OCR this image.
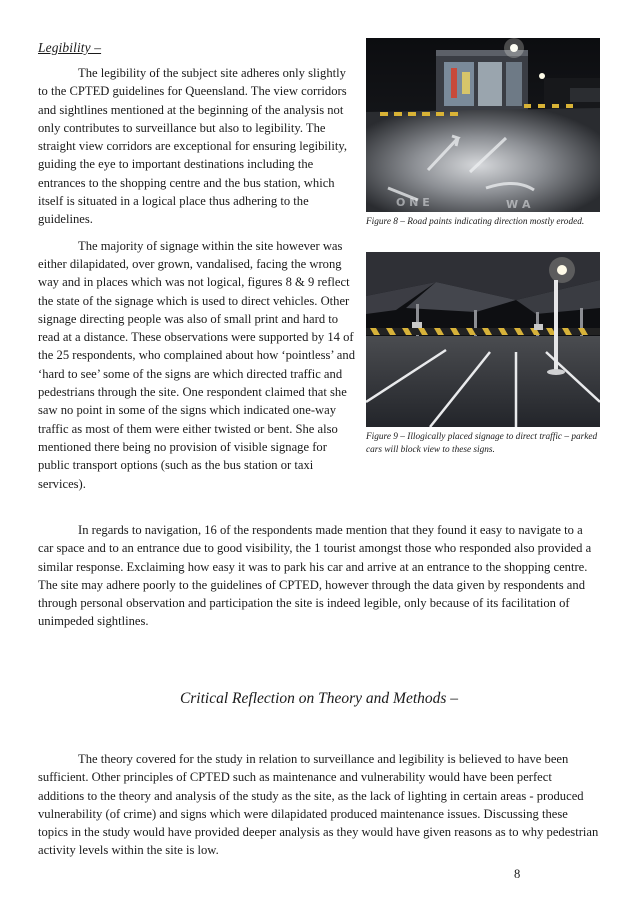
Legibility –

The legibility of the subject site adheres only slightly to the CPTED guidelines for Queensland. The view corridors and sightlines mentioned at the beginning of the analysis not only contributes to surveillance but also to legibility. The straight view corridors are exceptional for ensuring legibility, guiding the eye to important destinations including the entrances to the shopping centre and the bus station, which itself is situated in a logical place thus adhering to the guidelines.

The majority of signage within the site however was either dilapidated, over grown, vandalised, facing the wrong way and in places which was not logical, figures 8 & 9 reflect the state of the signage which is used to direct vehicles. Other signage directing people was also of small print and hard to read at a distance. These observations were supported by 14 of the 25 respondents, who complained about how ‘pointless’ and ‘hard to see’ some of the signs are which directed traffic and pedestrians through the site. One respondent claimed that she saw no point in some of the signs which indicated one-way traffic as most of them were either twisted or bent. She also mentioned there being no provision of visible signage for public transport options (such as the bus station or taxi services).

O N E	W A
Figure 8 – Road paints indicating direction mostly eroded.
Figure 9 – Illogically placed signage to direct traffic – parked cars will block view to these signs.

In regards to navigation, 16 of the respondents made mention that they found it easy to navigate to a car space and to an entrance due to good visibility, the 1 tourist amongst those who responded also provided a similar response. Exclaiming how easy it was to park his car and arrive at an entrance to the shopping centre. The site may adhere poorly to the guidelines of CPTED, however through the data given by respondents and through personal observation and participation the site is indeed legible, only because of its facilitation of unimpeded sightlines.

Critical Reflection on Theory and Methods –

The theory covered for the study in relation to surveillance and legibility is believed to have been sufficient. Other principles of CPTED such as maintenance and vulnerability would have been perfect additions to the theory and analysis of the study as the site, as the lack of lighting in certain areas - produced vulnerability (of crime) and signs which were dilapidated produced maintenance issues. Discussing these topics in the study would have provided deeper analysis as they would have given reasons as to why pedestrian activity levels within the site is low.

8
